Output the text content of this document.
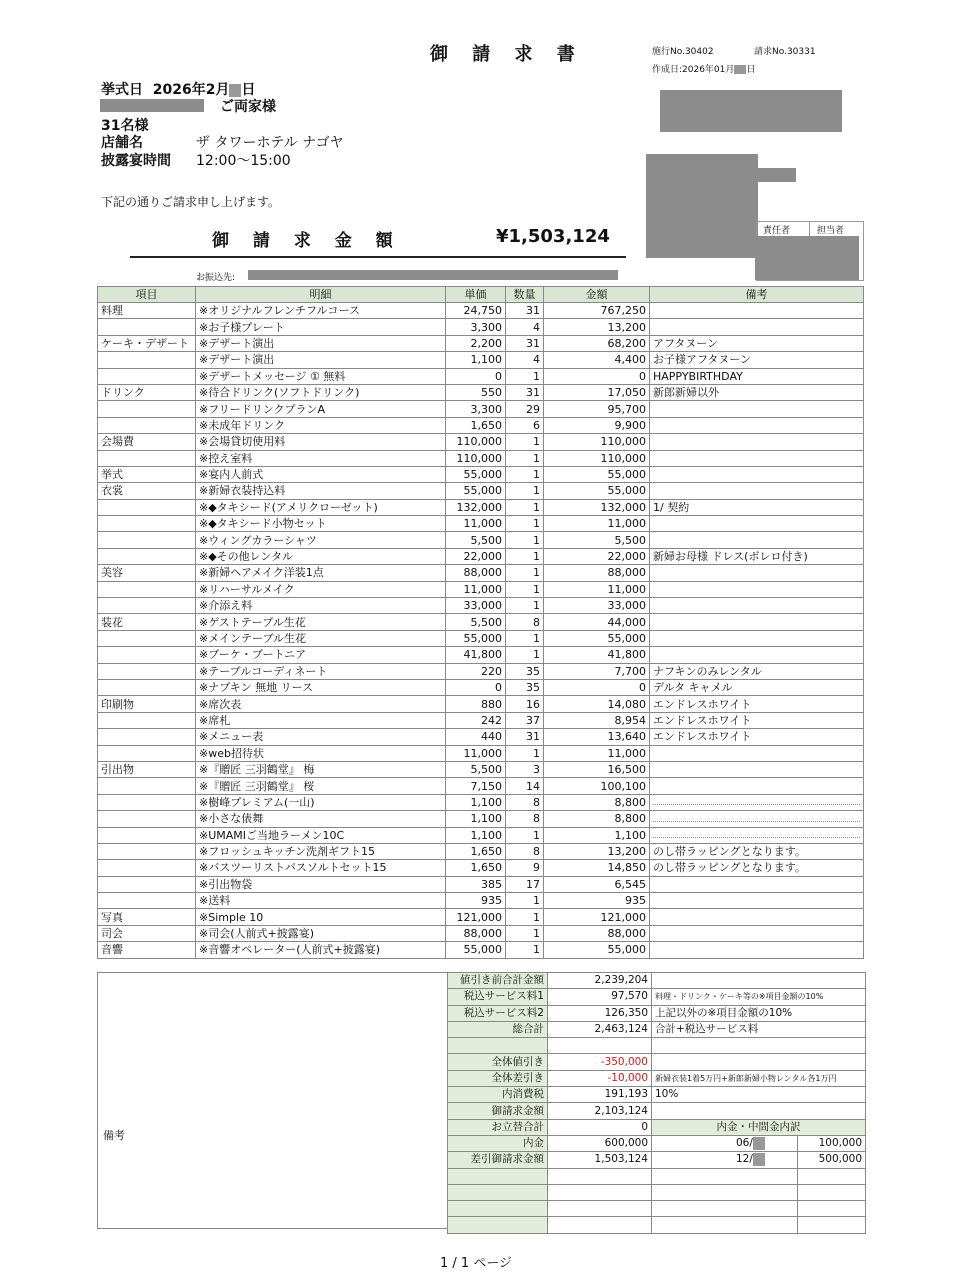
御 請 求 書	施行No.30402	請求No.30331
作成日:2026年01月 日
挙式日 2026年2月 日
ご両家様
31名様
店舗名	ザ タワーホテル ナゴヤ
披露宴時間 12:00〜15:00
下記の通りご請求申し上げます。
御 請 求 金 額	¥1,503,124	責任者	担当者
お振込先:
項目	明細	単価	数量	金額	備考
料理	※オリジナルフレンチフルコース	24,750	31	767,250	
	※お子様プレート	3,300	4	13,200	
ケーキ・デザート	※デザート演出	2,200	31	68,200	アフタヌーン
	※デザート演出	1,100	4	4,400	お子様アフタヌーン
	※デザートメッセージ ① 無料	0	1	0	HAPPYBIRTHDAY
ドリンク	※待合ドリンク(ソフトドリンク)	550	31	17,050	新郎新婦以外
	※フリードリンクプランA	3,300	29	95,700	
	※未成年ドリンク	1,650	6	9,900	
会場費	※会場貸切使用料	110,000	1	110,000	
	※控え室料	110,000	1	110,000	
挙式	※宴内人前式	55,000	1	55,000	
衣裳	※新婦衣装持込料	55,000	1	55,000	
	※◆タキシード(アメリクローゼット)	132,000	1	132,000	1/ 契約
	※◆タキシード小物セット	11,000	1	11,000	
	※ウィングカラーシャツ	5,500	1	5,500	
	※◆その他レンタル	22,000	1	22,000	新婦お母様 ドレス(ボレロ付き)
美容	※新婦ヘアメイク洋装1点	88,000	1	88,000	
	※リハーサルメイク	11,000	1	11,000	
	※介添え料	33,000	1	33,000	
装花	※ゲストテーブル生花	5,500	8	44,000	
	※メインテーブル生花	55,000	1	55,000	
	※ブーケ・ブートニア	41,800	1	41,800	
	※テーブルコーディネート	220	35	7,700	ナフキンのみレンタル
	※ナプキン 無地 リース	0	35	0	デルタ キャメル
印刷物	※席次表	880	16	14,080	エンドレスホワイト
	※席札	242	37	8,954	エンドレスホワイト
	※メニュー表	440	31	13,640	エンドレスホワイト
	※web招待状	11,000	1	11,000	
引出物	※『贈匠 三羽鶴堂』 梅	5,500	3	16,500	
	※『贈匠 三羽鶴堂』 桜	7,150	14	100,100	
	※樹峰プレミアム(一山)	1,100	8	8,800	

	※小さな俵舞	1,100	8	8,800	

	※UMAMIご当地ラーメン10C	1,100	1	1,100	

	※フロッシュキッチン洗剤ギフト15	1,650	8	13,200	のし帯ラッピングとなります。
	※バスツーリストバスソルトセット15	1,650	9	14,850	のし帯ラッピングとなります。
	※引出物袋	385	17	6,545	
	※送料	935	1	935	
写真	※Simple 10	121,000	1	121,000	
司会	※司会(人前式+披露宴)	88,000	1	88,000	
音響	※音響オペレーター(人前式+披露宴)	55,000	1	55,000	
備考
値引き前合計金額	2,239,204		
税込サービス料1	97,570	料理・ドリンク・ケーキ等の※項目金額の10%	
税込サービス料2	126,350	上記以外の※項目金額の10%	
総合計	2,463,124	合計+税込サービス料	

全体値引き	-350,000		
全体差引き	-10,000	新婦衣装1着5万円+新郎新婦小物レンタル各1万円	
内消費税	191,193	10%	
御請求金額	2,103,124		
お立替合計	0	内金・中間金内訳	
内金	600,000	06/	100,000
差引御請求金額	1,503,124	12/	500,000

1 / 1 ページ
